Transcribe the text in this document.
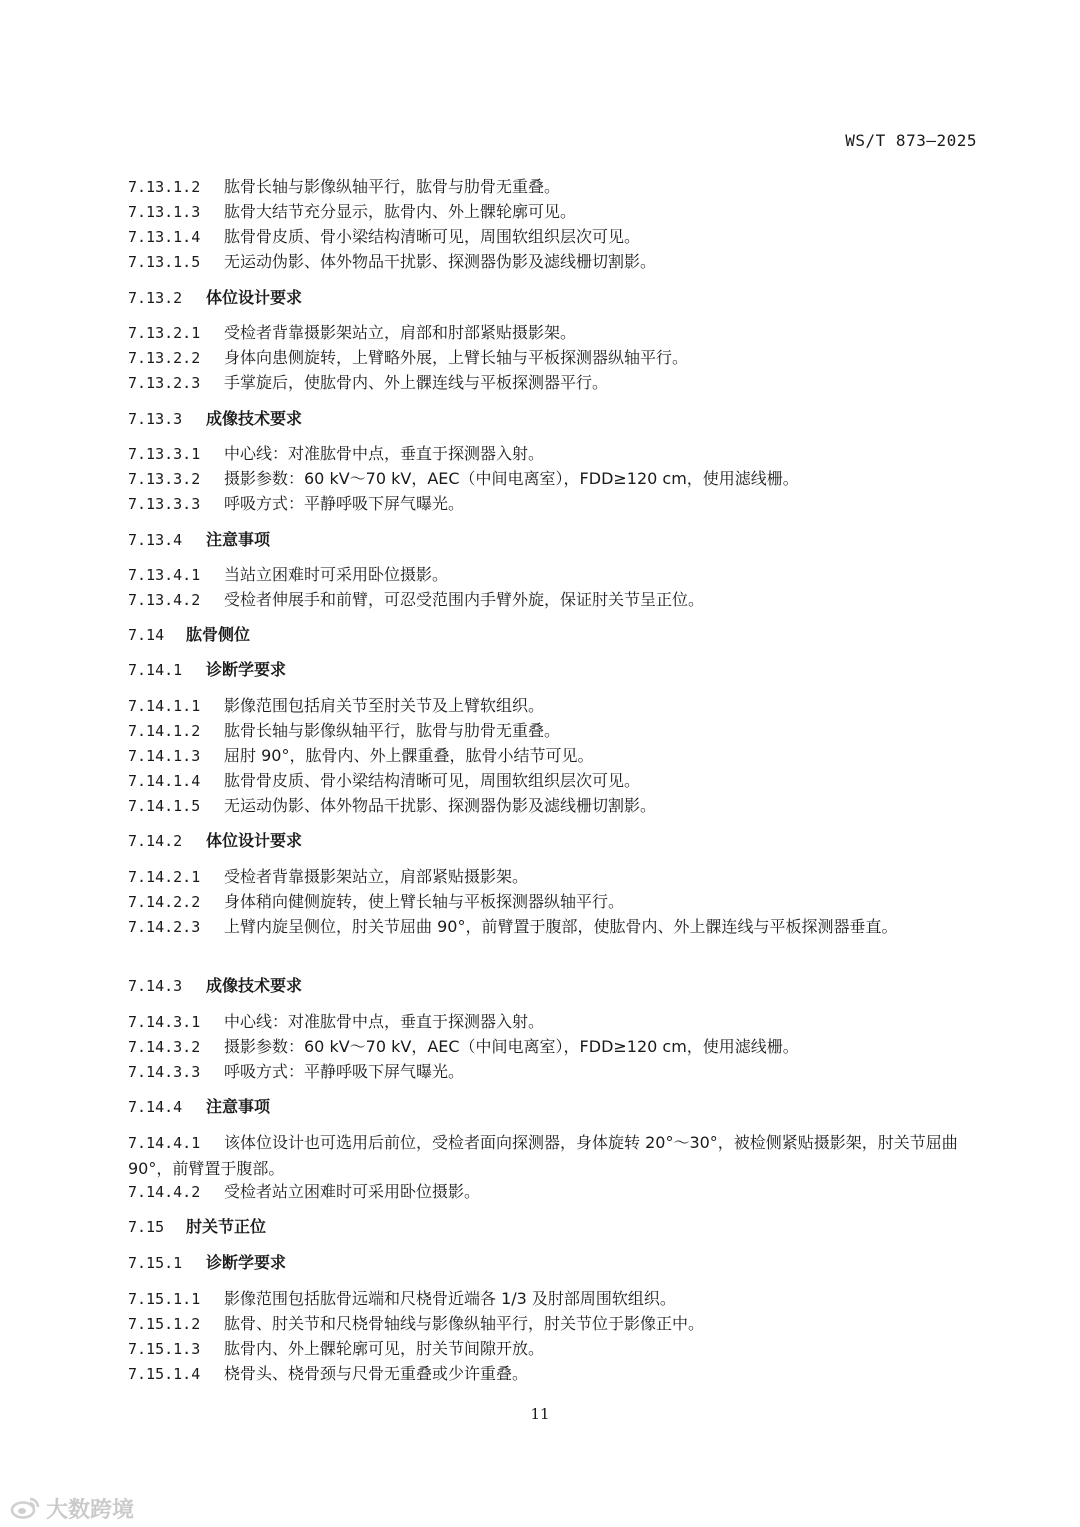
WS/T 873—2025
7.13.1.2 肱骨长轴与影像纵轴平行，肱骨与肋骨无重叠。
7.13.1.3 肱骨大结节充分显示，肱骨内、外上髁轮廓可见。
7.13.1.4 肱骨骨皮质、骨小梁结构清晰可见，周围软组织层次可见。
7.13.1.5 无运动伪影、体外物品干扰影、探测器伪影及滤线栅切割影。
7.13.2 体位设计要求
7.13.2.1 受检者背靠摄影架站立，肩部和肘部紧贴摄影架。
7.13.2.2 身体向患侧旋转，上臂略外展，上臂长轴与平板探测器纵轴平行。
7.13.2.3 手掌旋后，使肱骨内、外上髁连线与平板探测器平行。
7.13.3 成像技术要求
7.13.3.1 中心线：对准肱骨中点，垂直于探测器入射。
7.13.3.2 摄影参数：60 kV～70 kV，AEC（中间电离室），FDD≥120 cm，使用滤线栅。
7.13.3.3 呼吸方式：平静呼吸下屏气曝光。
7.13.4 注意事项
7.13.4.1 当站立困难时可采用卧位摄影。
7.13.4.2 受检者伸展手和前臂，可忍受范围内手臂外旋，保证肘关节呈正位。
7.14 肱骨侧位
7.14.1 诊断学要求
7.14.1.1 影像范围包括肩关节至肘关节及上臂软组织。
7.14.1.2 肱骨长轴与影像纵轴平行，肱骨与肋骨无重叠。
7.14.1.3 屈肘 90°，肱骨内、外上髁重叠，肱骨小结节可见。
7.14.1.4 肱骨骨皮质、骨小梁结构清晰可见，周围软组织层次可见。
7.14.1.5 无运动伪影、体外物品干扰影、探测器伪影及滤线栅切割影。
7.14.2 体位设计要求
7.14.2.1 受检者背靠摄影架站立，肩部紧贴摄影架。
7.14.2.2 身体稍向健侧旋转，使上臂长轴与平板探测器纵轴平行。
7.14.2.3 上臂内旋呈侧位，肘关节屈曲 90°，前臂置于腹部，使肱骨内、外上髁连线与平板探测器垂直。
7.14.3 成像技术要求
7.14.3.1 中心线：对准肱骨中点，垂直于探测器入射。
7.14.3.2 摄影参数：60 kV～70 kV，AEC（中间电离室），FDD≥120 cm，使用滤线栅。
7.14.3.3 呼吸方式：平静呼吸下屏气曝光。
7.14.4 注意事项
7.14.4.1 该体位设计也可选用后前位，受检者面向探测器，身体旋转 20°～30°，被检侧紧贴摄影架，肘关节屈曲 90°，前臂置于腹部。
7.14.4.2 受检者站立困难时可采用卧位摄影。
7.15 肘关节正位
7.15.1 诊断学要求
7.15.1.1 影像范围包括肱骨远端和尺桡骨近端各 1/3 及肘部周围软组织。
7.15.1.2 肱骨、肘关节和尺桡骨轴线与影像纵轴平行，肘关节位于影像正中。
7.15.1.3 肱骨内、外上髁轮廓可见，肘关节间隙开放。
7.15.1.4 桡骨头、桡骨颈与尺骨无重叠或少许重叠。
11
大数跨境
